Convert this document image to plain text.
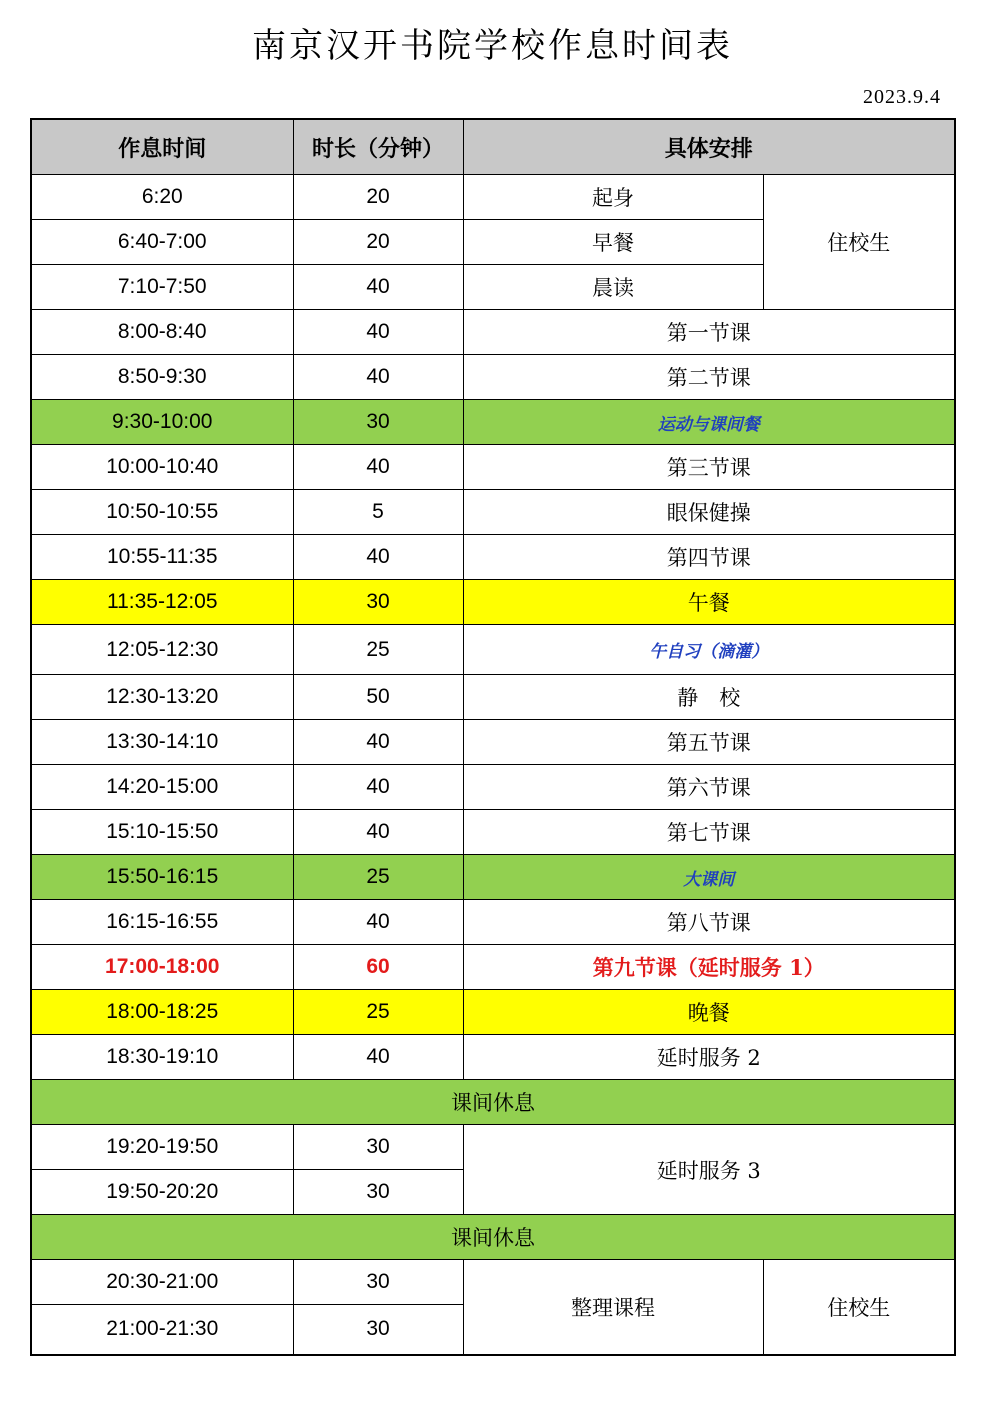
南京汉开书院学校作息时间表
2023.9.4
作息时间	时长（分钟）	具体安排	
6:20	20	起身	住校生
6:40-7:00	20	早餐	
7:10-7:50	40	晨读	
8:00-8:40	40	第一节课	
8:50-9:30	40	第二节课	
9:30-10:00	30	运动与课间餐	
10:00-10:40	40	第三节课	
10:50-10:55	5	眼保健操	
10:55-11:35	40	第四节课	
11:35-12:05	30	午餐	
12:05-12:30	25	午自习（滴灌）	
12:30-13:20	50	静　校	
13:30-14:10	40	第五节课	
14:20-15:00	40	第六节课	
15:10-15:50	40	第七节课	
15:50-16:15	25	大课间	
16:15-16:55	40	第八节课	
17:00-18:00	60	第九节课（延时服务 1）	
18:00-18:25	25	晚餐	
18:30-19:10	40	延时服务 2	
课间休息			
19:20-19:50	30	延时服务 3	
19:50-20:20	30		
课间休息			
20:30-21:00	30	整理课程	住校生
21:00-21:30	30		
